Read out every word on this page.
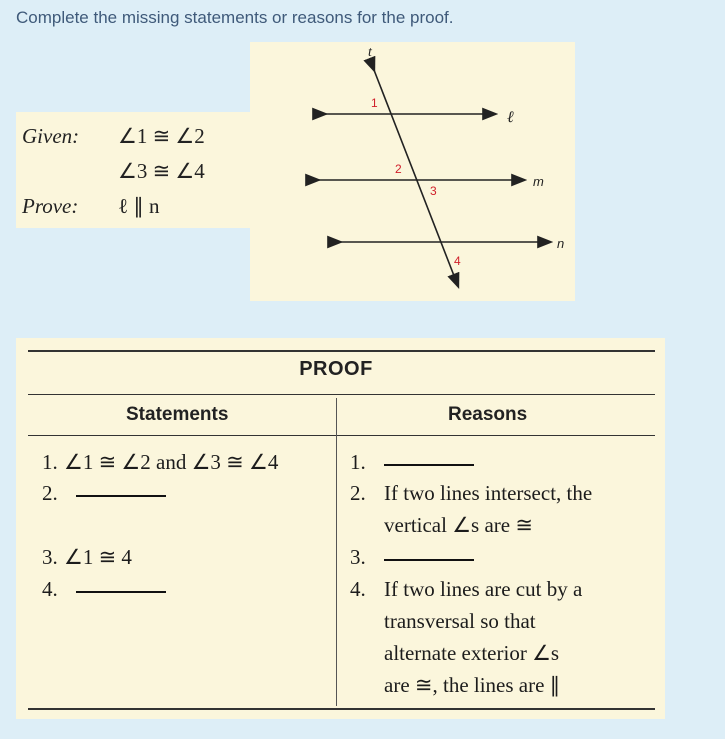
Complete the missing statements or reasons for the proof.
Given: ∠1 ≅ ∠2
∠3 ≅ ∠4
Prove: ℓ ∥ n
t
ℓ
m
n
1
2
3
4
PROOF
Statements	Reasons
1. ∠1 ≅ ∠2 and ∠3 ≅ ∠4
2.
3. ∠1 ≅ 4
4.
1.
2. If two lines intersect, the
vertical ∠s are ≅
3.
4. If two lines are cut by a
transversal so that
alternate exterior ∠s
are ≅, the lines are ∥
